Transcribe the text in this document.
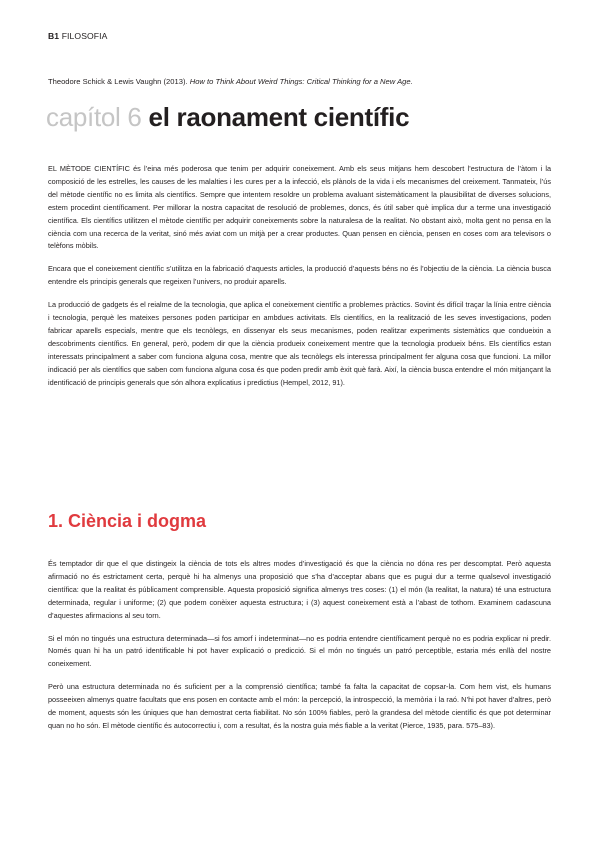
B1 FILOSOFIA
Theodore Schick & Lewis Vaughn (2013). How to Think About Weird Things: Critical Thinking for a New Age.
capítol 6 el raonament científic

EL MÈTODE CIENTÍFIC és l’eina més poderosa que tenim per adquirir coneixement. Amb els seus mitjans hem descobert l’estructura de l’àtom i la composició de les estrelles, les causes de les malalties i les cures per a la infecció, els plànols de la vida i els mecanismes del creixement. Tanmateix, l’ús del mètode científic no es limita als científics. Sempre que intentem resoldre un problema avaluant sistemàticament la plausibilitat de diverses solucions, estem procedint científicament. Per millorar la nostra capacitat de resolució de problemes, doncs, és útil saber què implica dur a terme una investigació científica. Els científics utilitzen el mètode científic per adquirir coneixements sobre la naturalesa de la realitat. No obstant això, molta gent no pensa en la ciència com una recerca de la veritat, sinó més aviat com un mitjà per a crear productes. Quan pensen en ciència, pensen en coses com ara televisors o telèfons mòbils.

Encara que el coneixement científic s’utilitza en la fabricació d’aquests articles, la producció d’aquests béns no és l’objectiu de la ciència. La ciència busca entendre els principis generals que regeixen l’univers, no produir aparells.

La producció de gadgets és el reialme de la tecnologia, que aplica el coneixement científic a problemes pràctics. Sovint és difícil traçar la línia entre ciència i tecnologia, perquè les mateixes persones poden participar en ambdues activitats. Els científics, en la realització de les seves investigacions, poden fabricar aparells especials, mentre que els tecnòlegs, en dissenyar els seus mecanismes, poden realitzar experiments sistemàtics que condueixin a descobriments científics. En general, però, podem dir que la ciència produeix coneixement mentre que la tecnologia produeix béns. Els científics estan interessats principalment a saber com funciona alguna cosa, mentre que als tecnòlegs els interessa principalment fer alguna cosa que funcioni. La millor indicació per als científics que saben com funciona alguna cosa és que poden predir amb èxit què farà. Així, la ciència busca entendre el món mitjançant la identificació de principis generals que són alhora explicatius i predictius (Hempel, 2012, 91).

1. Ciència i dogma

És temptador dir que el que distingeix la ciència de tots els altres modes d’investigació és que la ciència no dóna res per descomptat. Però aquesta afirmació no és estrictament certa, perquè hi ha almenys una proposició que s’ha d’acceptar abans que es pugui dur a terme qualsevol investigació científica: que la realitat és públicament comprensible. Aquesta proposició significa almenys tres coses: (1) el món (la realitat, la natura) té una estructura determinada, regular i uniforme; (2) que podem conèixer aquesta estructura; i (3) aquest coneixement està a l’abast de tothom. Examinem cadascuna d’aquestes afirmacions al seu torn.

Si el món no tingués una estructura determinada—si fos amorf i indeterminat—no es podria entendre científicament perquè no es podria explicar ni predir. Només quan hi ha un patró identificable hi pot haver explicació o predicció. Si el món no tingués un patró perceptible, estaria més enllà del nostre coneixement.

Però una estructura determinada no és suficient per a la comprensió científica; també fa falta la capacitat de copsar-la. Com hem vist, els humans posseeixen almenys quatre facultats que ens posen en contacte amb el món: la percepció, la introspecció, la memòria i la raó. N’hi pot haver d’altres, però de moment, aquests són les úniques que han demostrat certa fiabilitat. No són 100% fiables, però la grandesa del mètode científic és que pot determinar quan no ho són. El mètode científic és autocorrectiu i, com a resultat, és la nostra guia més fiable a la veritat (Pierce, 1935, para. 575–83).
